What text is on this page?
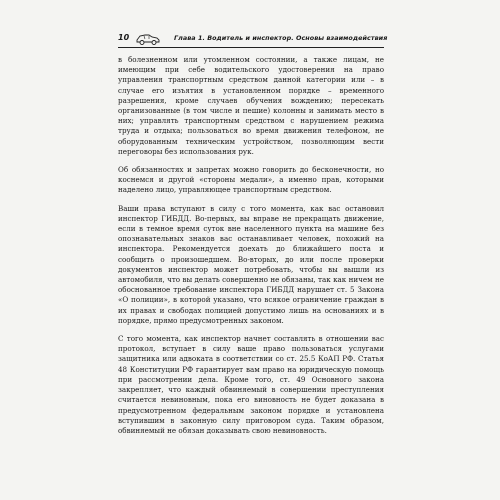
10	Глава 1. Водитель и инспектор. Основы взаимодействия

в болезненном или утомленном состоянии, а также лицам, не имеющим при себе водительского удостоверения на право управления транспортным средством данной категории или – в случае его изъятия в установленном порядке – временного разрешения, кроме случаев обучения вождению; пересекать организованные (в том числе и пешие) колонны и занимать место в них; управлять транспортным средством с нарушением режима труда и отдыха; пользоваться во время движения телефоном, не оборудованным техническим устройством, позволяющим вести переговоры без использования рук.

Об обязанностях и запретах можно говорить до бесконечности, но коснемся и другой «стороны медали», а именно прав, которыми наделено лицо, управляющее транспортным средством.

Ваши права вступают в силу с того момента, как вас остановил инспектор ГИБДД. Во-первых, вы вправе не прекращать движение, если в темное время суток вне населенного пункта на машине без опознавательных знаков вас останавливает человек, похожий на инспектора. Рекомендуется доехать до ближайшего поста и сообщить о произошедшем. Во-вторых, до или после проверки документов инспектор может потребовать, чтобы вы вышли из автомобиля, что вы делать совершенно не обязаны, так как ничем не обоснованное требование инспектора ГИБДД нарушает ст. 5 Закона «О полиции», в которой указано, что всякое ограничение граждан в их правах и свободах полицией допустимо лишь на основаниях и в порядке, прямо предусмотренных законом.

С того момента, как инспектор начнет составлять в отношении вас протокол, вступает в силу ваше право пользоваться услугами защитника или адвоката в соответствии со ст. 25.5 КоАП РФ. Статья 48 Конституции РФ гарантирует вам право на юридическую помощь при рассмотрении дела. Кроме того, ст. 49 Основного закона закрепляет, что каждый обвиняемый в совершении преступления считается невиновным, пока его виновность не будет доказана в предусмотренном федеральным законом порядке и установлена вступившим в законную силу приговором суда. Таким образом, обвиняемый не обязан доказывать свою невиновность.
